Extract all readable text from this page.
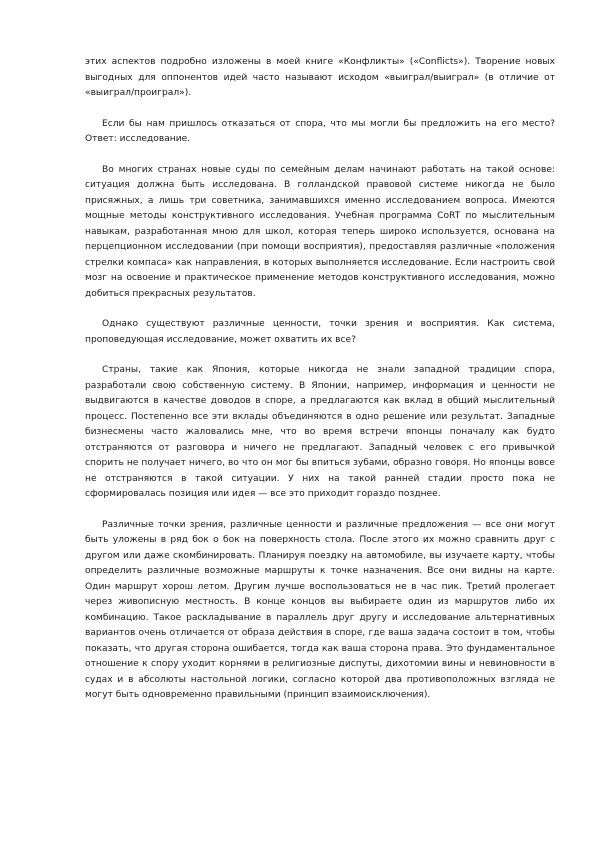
этих аспектов подробно изложены в моей книге «Конфликты» («Conflicts»). Творение новых выгодных для оппонентов идей часто называют исходом «выиграл/выиграл» (в отличие от «выиграл/проиграл»).

Если бы нам пришлось отказаться от спора, что мы могли бы предложить на его место? Ответ: исследование.

Во многих странах новые суды по семейным делам начинают работать на такой основе: ситуация должна быть исследована. В голландской правовой системе никогда не было присяжных, а лишь три советника, занимавшихся именно исследованием вопроса. Имеются мощные методы конструктивного исследования. Учебная программа CoRT по мыслительным навыкам, разработанная мною для школ, которая теперь широко используется, основана на перцепционном исследовании (при помощи восприятия), предоставляя различные «положения стрелки компаса» как направления, в которых выполняется исследование. Если настроить свой мозг на освоение и практическое применение методов конструктивного исследования, можно добиться прекрасных результатов.

Однако существуют различные ценности, точки зрения и восприятия. Как система, проповедующая исследование, может охватить их все?

Страны, такие как Япония, которые никогда не знали западной традиции спора, разработали свою собственную систему. В Японии, например, информация и ценности не выдвигаются в качестве доводов в споре, а предлагаются как вклад в общий мыслительный процесс. Постепенно все эти вклады объединяются в одно решение или результат. Западные бизнесмены часто жаловались мне, что во время встречи японцы поначалу как будто отстраняются от разговора и ничего не предлагают. Западный человек с его привычкой спорить не получает ничего, во что он мог бы впиться зубами, образно говоря. Но японцы вовсе не отстраняются в такой ситуации. У них на такой ранней стадии просто пока не сформировалась позиция или идея — все это приходит гораздо позднее.

Различные точки зрения, различные ценности и различные предложения — все они могут быть уложены в ряд бок о бок на поверхность стола. После этого их можно сравнить друг с другом или даже скомбинировать. Планируя поездку на автомобиле, вы изучаете карту, чтобы определить различные возможные маршруты к точке назначения. Все они видны на карте. Один маршрут хорош летом. Другим лучше воспользоваться не в час пик. Третий пролегает через живописную местность. В конце концов вы выбираете один из маршрутов либо их комбинацию. Такое раскладывание в параллель друг другу и исследование альтернативных вариантов очень отличается от образа действия в споре, где ваша задача состоит в том, чтобы показать, что другая сторона ошибается, тогда как ваша сторона права. Это фундаментальное отношение к спору уходит корнями в религиозные диспуты, дихотомии вины и невиновности в судах и в абсолюты настольной логики, согласно которой два противоположных взгляда не могут быть одновременно правильными (принцип взаимоисключения).
